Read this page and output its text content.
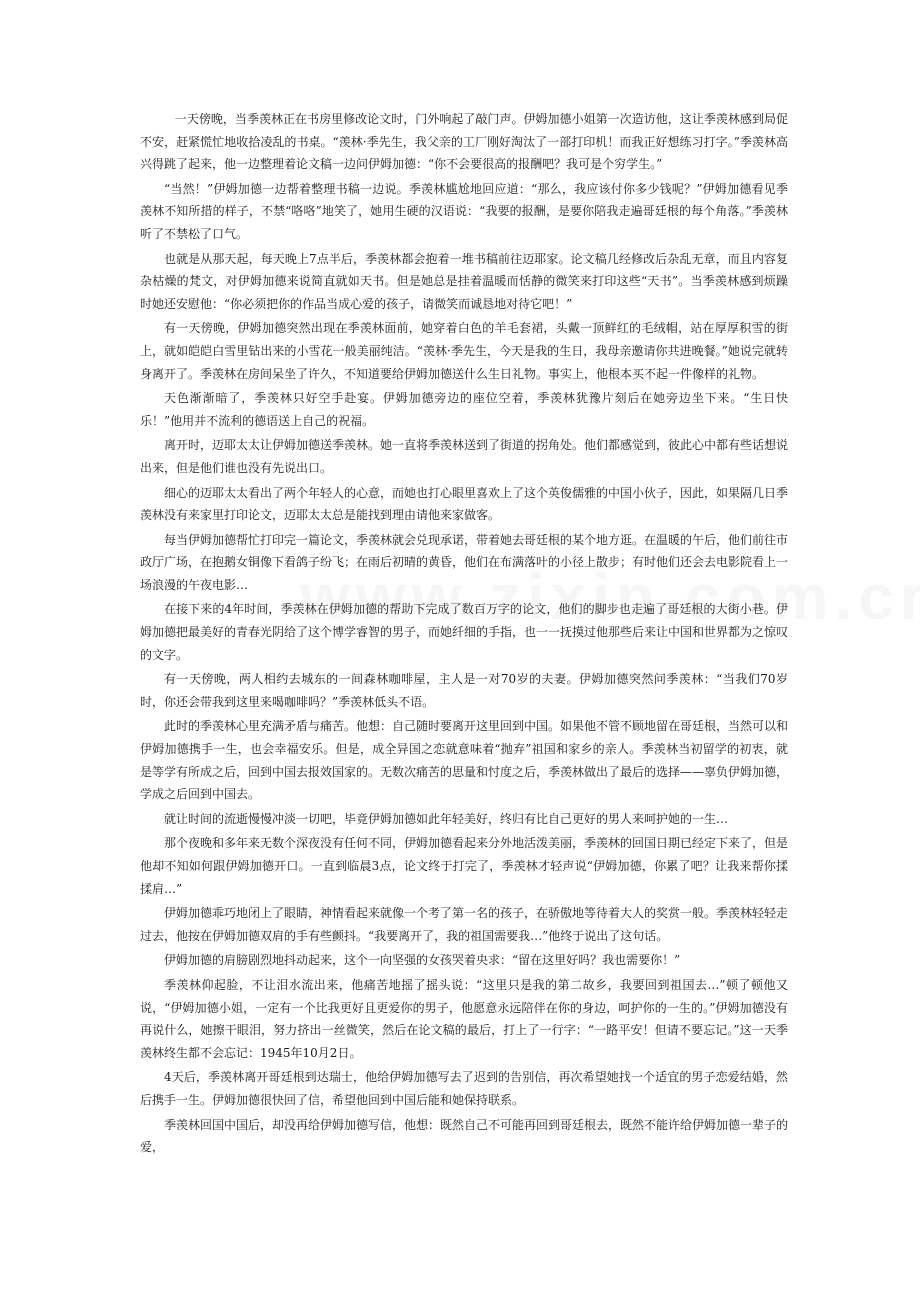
一天傍晚，当季羡林正在书房里修改论文时，门外响起了敲门声。伊姆加德小姐第一次造访他，这让季羡林感到局促不安，赶紧慌忙地收拾凌乱的书桌。“羡林·季先生，我父亲的工厂刚好淘汰了一部打印机！而我正好想练习打字。”季羡林高兴得跳了起来，他一边整理着论文稿一边问伊姆加德：“你不会要很高的报酬吧？我可是个穷学生。”

“当然！”伊姆加德一边帮着整理书稿一边说。季羡林尴尬地回应道：“那么，我应该付你多少钱呢？”伊姆加德看见季羡林不知所措的样子，不禁“咯咯”地笑了，她用生硬的汉语说：“我要的报酬，是要你陪我走遍哥廷根的每个角落。”季羡林听了不禁松了口气。

也就是从那天起，每天晚上7点半后，季羡林都会抱着一堆书稿前往迈耶家。论文稿几经修改后杂乱无章，而且内容复杂枯燥的梵文，对伊姆加德来说简直就如天书。但是她总是挂着温暖而恬静的微笑来打印这些“天书”。当季羡林感到烦躁时她还安慰他：“你必须把你的作品当成心爱的孩子，请微笑而诚恳地对待它吧！”

有一天傍晚，伊姆加德突然出现在季羡林面前，她穿着白色的羊毛套裙，头戴一顶鲜红的毛绒帽，站在厚厚积雪的街上，就如皑皑白雪里钻出来的小雪花一般美丽纯洁。“羡林·季先生，今天是我的生日，我母亲邀请你共进晚餐。”她说完就转身离开了。季羡林在房间呆坐了许久，不知道要给伊姆加德送什么生日礼物。事实上，他根本买不起一件像样的礼物。

天色渐渐暗了，季羡林只好空手赴宴。伊姆加德旁边的座位空着，季羡林犹豫片刻后在她旁边坐下来。“生日快乐！”他用并不流利的德语送上自己的祝福。

离开时，迈耶太太让伊姆加德送季羡林。她一直将季羡林送到了街道的拐角处。他们都感觉到，彼此心中都有些话想说出来，但是他们谁也没有先说出口。

细心的迈耶太太看出了两个年轻人的心意，而她也打心眼里喜欢上了这个英俊儒雅的中国小伙子，因此，如果隔几日季羡林没有来家里打印论文，迈耶太太总是能找到理由请他来家做客。

每当伊姆加德帮忙打印完一篇论文，季羡林就会兑现承诺，带着她去哥廷根的某个地方逛。在温暖的午后，他们前往市政厅广场，在抱鹅女铜像下看鸽子纷飞；在雨后初晴的黄昏，他们在布满落叶的小径上散步；有时他们还会去电影院看上一场浪漫的午夜电影…

在接下来的4年时间，季羡林在伊姆加德的帮助下完成了数百万字的论文，他们的脚步也走遍了哥廷根的大街小巷。伊姆加德把最美好的青春光阴给了这个博学睿智的男子，而她纤细的手指，也一一抚摸过他那些后来让中国和世界都为之惊叹的文字。

有一天傍晚，两人相约去城东的一间森林咖啡屋，主人是一对70岁的夫妻。伊姆加德突然问季羡林：“当我们70岁时，你还会带我到这里来喝咖啡吗？”季羡林低头不语。

此时的季羡林心里充满矛盾与痛苦。他想：自己随时要离开这里回到中国。如果他不管不顾地留在哥廷根，当然可以和伊姆加德携手一生，也会幸福安乐。但是，成全异国之恋就意味着“抛弃”祖国和家乡的亲人。季羡林当初留学的初衷，就是等学有所成之后，回到中国去报效国家的。无数次痛苦的思量和忖度之后，季羡林做出了最后的选择——辜负伊姆加德，学成之后回到中国去。

就让时间的流逝慢慢冲淡一切吧，毕竟伊姆加德如此年轻美好，终归有比自己更好的男人来呵护她的一生…

那个夜晚和多年来无数个深夜没有任何不同，伊姆加德看起来分外地活泼美丽，季羡林的回国日期已经定下来了，但是他却不知如何跟伊姆加德开口。一直到临晨3点，论文终于打完了，季羡林才轻声说“伊姆加德，你累了吧？让我来帮你揉揉肩…”

伊姆加德乖巧地闭上了眼睛，神情看起来就像一个考了第一名的孩子，在骄傲地等待着大人的奖赏一般。季羡林轻轻走过去，他按在伊姆加德双肩的手有些颤抖。“我要离开了，我的祖国需要我…”他终于说出了这句话。

伊姆加德的肩膀剧烈地抖动起来，这个一向坚强的女孩哭着央求：“留在这里好吗？我也需要你！”

季羡林仰起脸，不让泪水流出来，他痛苦地摇了摇头说：“这里只是我的第二故乡，我要回到祖国去…”顿了顿他又说，“伊姆加德小姐，一定有一个比我更好且更爱你的男子，他愿意永远陪伴在你的身边，呵护你的一生的。”伊姆加德没有再说什么，她擦干眼泪，努力挤出一丝微笑，然后在论文稿的最后，打上了一行字：“一路平安！但请不要忘记。”这一天季羡林终生都不会忘记：1945年10月2日。

4天后，季羡林离开哥廷根到达瑞士，他给伊姆加德写去了迟到的告别信，再次希望她找一个适宜的男子恋爱结婚，然后携手一生。伊姆加德很快回了信，希望他回到中国后能和她保持联系。

季羡林回国中国后，却没再给伊姆加德写信，他想：既然自己不可能再回到哥廷根去，既然不能许给伊姆加德一辈子的爱，
